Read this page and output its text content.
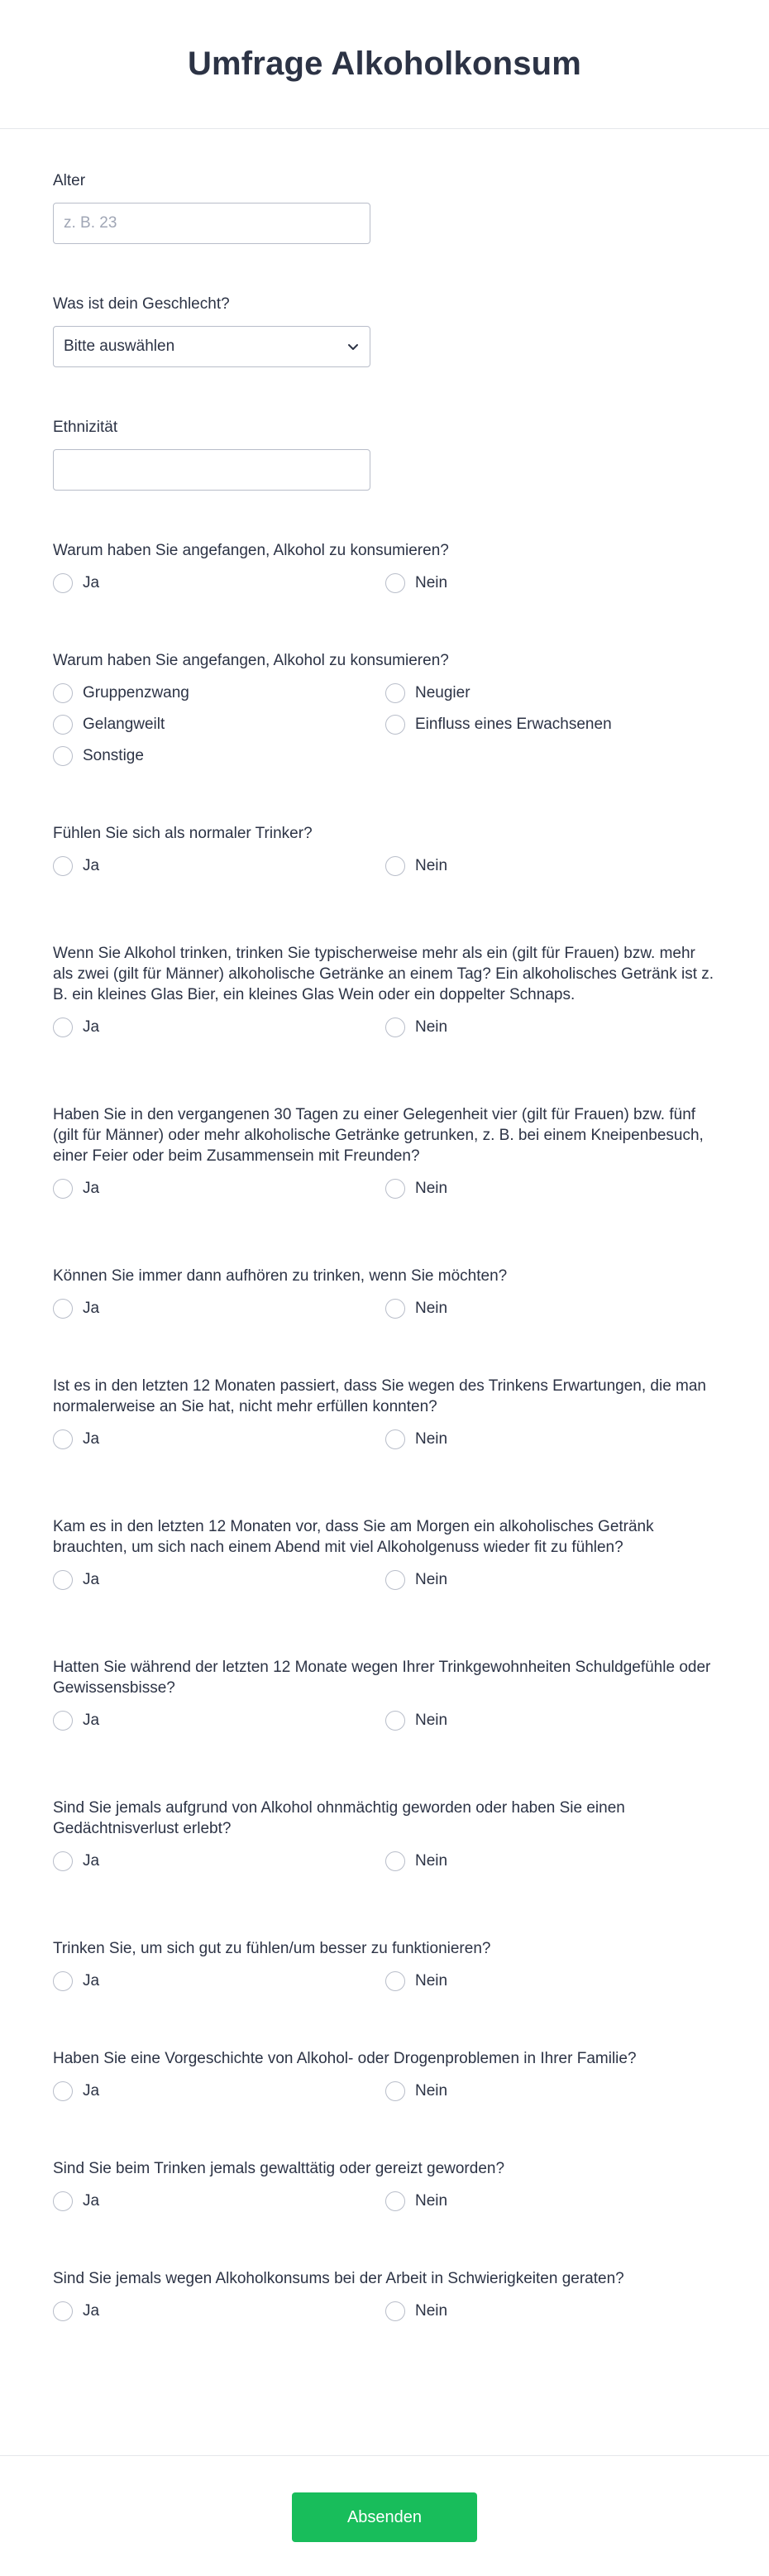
Umfrage Alkoholkonsum
Alter
z. B. 23
Was ist dein Geschlecht?
Bitte auswählen
Ethnizität
Warum haben Sie angefangen, Alkohol zu konsumieren?
Ja	Nein
Warum haben Sie angefangen, Alkohol zu konsumieren?
Gruppenzwang	Neugier
Gelangweilt	Einfluss eines Erwachsenen
Sonstige
Fühlen Sie sich als normaler Trinker?
Ja	Nein
Wenn Sie Alkohol trinken, trinken Sie typischerweise mehr als ein (gilt für Frauen) bzw. mehr als zwei (gilt für Männer) alkoholische Getränke an einem Tag? Ein alkoholisches Getränk ist z. B. ein kleines Glas Bier, ein kleines Glas Wein oder ein doppelter Schnaps.
Ja	Nein
Haben Sie in den vergangenen 30 Tagen zu einer Gelegenheit vier (gilt für Frauen) bzw. fünf (gilt für Männer) oder mehr alkoholische Getränke getrunken, z. B. bei einem Kneipenbesuch, einer Feier oder beim Zusammensein mit Freunden?
Ja	Nein
Können Sie immer dann aufhören zu trinken, wenn Sie möchten?
Ja	Nein
Ist es in den letzten 12 Monaten passiert, dass Sie wegen des Trinkens Erwartungen, die man normalerweise an Sie hat, nicht mehr erfüllen konnten?
Ja	Nein
Kam es in den letzten 12 Monaten vor, dass Sie am Morgen ein alkoholisches Getränk brauchten, um sich nach einem Abend mit viel Alkoholgenuss wieder fit zu fühlen?
Ja	Nein
Hatten Sie während der letzten 12 Monate wegen Ihrer Trinkgewohnheiten Schuldgefühle oder Gewissensbisse?
Ja	Nein
Sind Sie jemals aufgrund von Alkohol ohnmächtig geworden oder haben Sie einen Gedächtnisverlust erlebt?
Ja	Nein
Trinken Sie, um sich gut zu fühlen/um besser zu funktionieren?
Ja	Nein
Haben Sie eine Vorgeschichte von Alkohol- oder Drogenproblemen in Ihrer Familie?
Ja	Nein
Sind Sie beim Trinken jemals gewalttätig oder gereizt geworden?
Ja	Nein
Sind Sie jemals wegen Alkoholkonsums bei der Arbeit in Schwierigkeiten geraten?
Ja	Nein
Absenden
